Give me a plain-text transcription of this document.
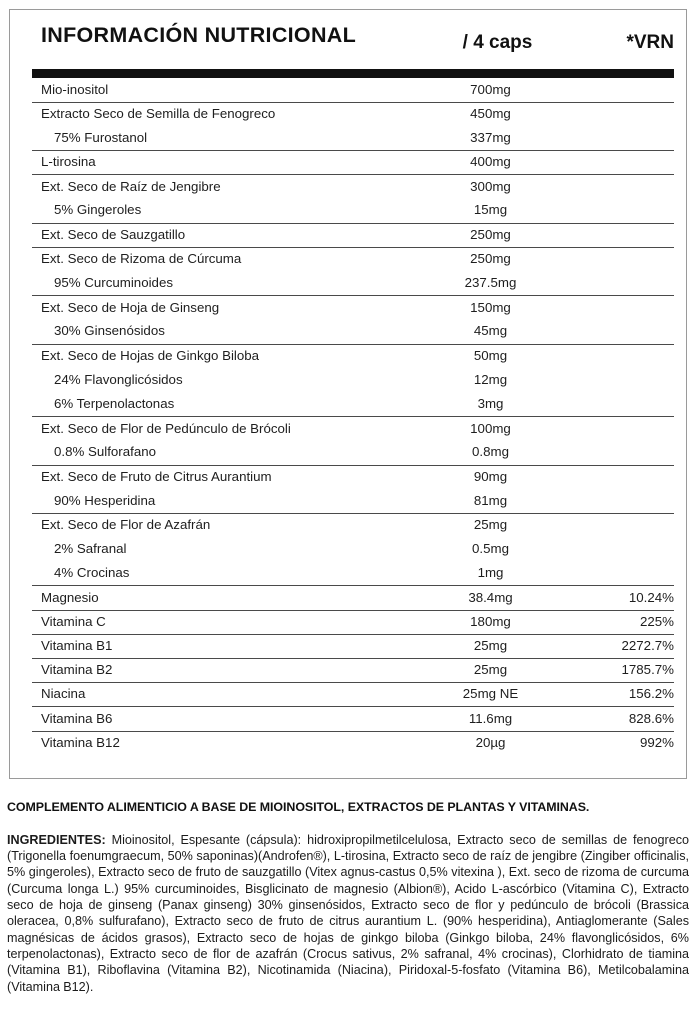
INFORMACIÓN NUTRICIONAL	/ 4 caps	*VRN
Mio-inositol	700mg	
Extracto Seco de Semilla de Fenogreco	450mg	
75% Furostanol	337mg	
L-tirosina	400mg	
Ext. Seco de Raíz de Jengibre	300mg	
5% Gingeroles	15mg	
Ext. Seco de Sauzgatillo	250mg	
Ext. Seco de Rizoma de Cúrcuma	250mg	
95% Curcuminoides	237.5mg	
Ext. Seco de Hoja de Ginseng	150mg	
30% Ginsenósidos	45mg	
Ext. Seco de Hojas de Ginkgo Biloba	50mg	
24% Flavonglicósidos	12mg	
6% Terpenolactonas	3mg	
Ext. Seco de Flor de Pedúnculo de Brócoli	100mg	
0.8% Sulforafano	0.8mg	
Ext. Seco de Fruto de Citrus Aurantium	90mg	
90% Hesperidina	81mg	
Ext. Seco de Flor de Azafrán	25mg	
2% Safranal	0.5mg	
4% Crocinas	1mg	
Magnesio	38.4mg	10.24%
Vitamina C	180mg	225%
Vitamina B1	25mg	2272.7%
Vitamina B2	25mg	1785.7%
Niacina	25mg NE	156.2%
Vitamina B6	11.6mg	828.6%
Vitamina B12	20µg	992%

COMPLEMENTO ALIMENTICIO A BASE DE MIOINOSITOL, EXTRACTOS DE PLANTAS Y VITAMINAS.

INGREDIENTES: Mioinositol, Espesante (cápsula): hidroxipropilmetilcelulosa, Extracto seco de semillas de fenogreco (Trigonella foenumgraecum, 50% saponinas)(Androfen®), L-tirosina, Extracto seco de raíz de jengibre (Zingiber officinalis, 5% gingeroles), Extracto seco de fruto de sauzgatillo (Vitex agnus-castus 0,5% vitexina ), Ext. seco de rizoma de curcuma (Curcuma longa L.) 95% curcuminoides, Bisglicinato de magnesio (Albion®), Acido L-ascórbico (Vitamina C), Extracto seco de hoja de ginseng (Panax ginseng) 30% ginsenósidos, Extracto seco de flor y pedúnculo de brócoli (Brassica oleracea, 0,8% sulfurafano), Extracto seco de fruto de citrus aurantium L. (90% hesperidina), Antiaglomerante (Sales magnésicas de ácidos grasos), Extracto seco de hojas de ginkgo biloba (Ginkgo biloba, 24% flavonglicósidos, 6% terpenolactonas), Extracto seco de flor de azafrán (Crocus sativus, 2% safranal, 4% crocinas), Clorhidrato de tiamina (Vitamina B1), Riboflavina (Vitamina B2), Nicotinamida (Niacina), Piridoxal-5-fosfato (Vitamina B6), Metilcobalamina (Vitamina B12).
